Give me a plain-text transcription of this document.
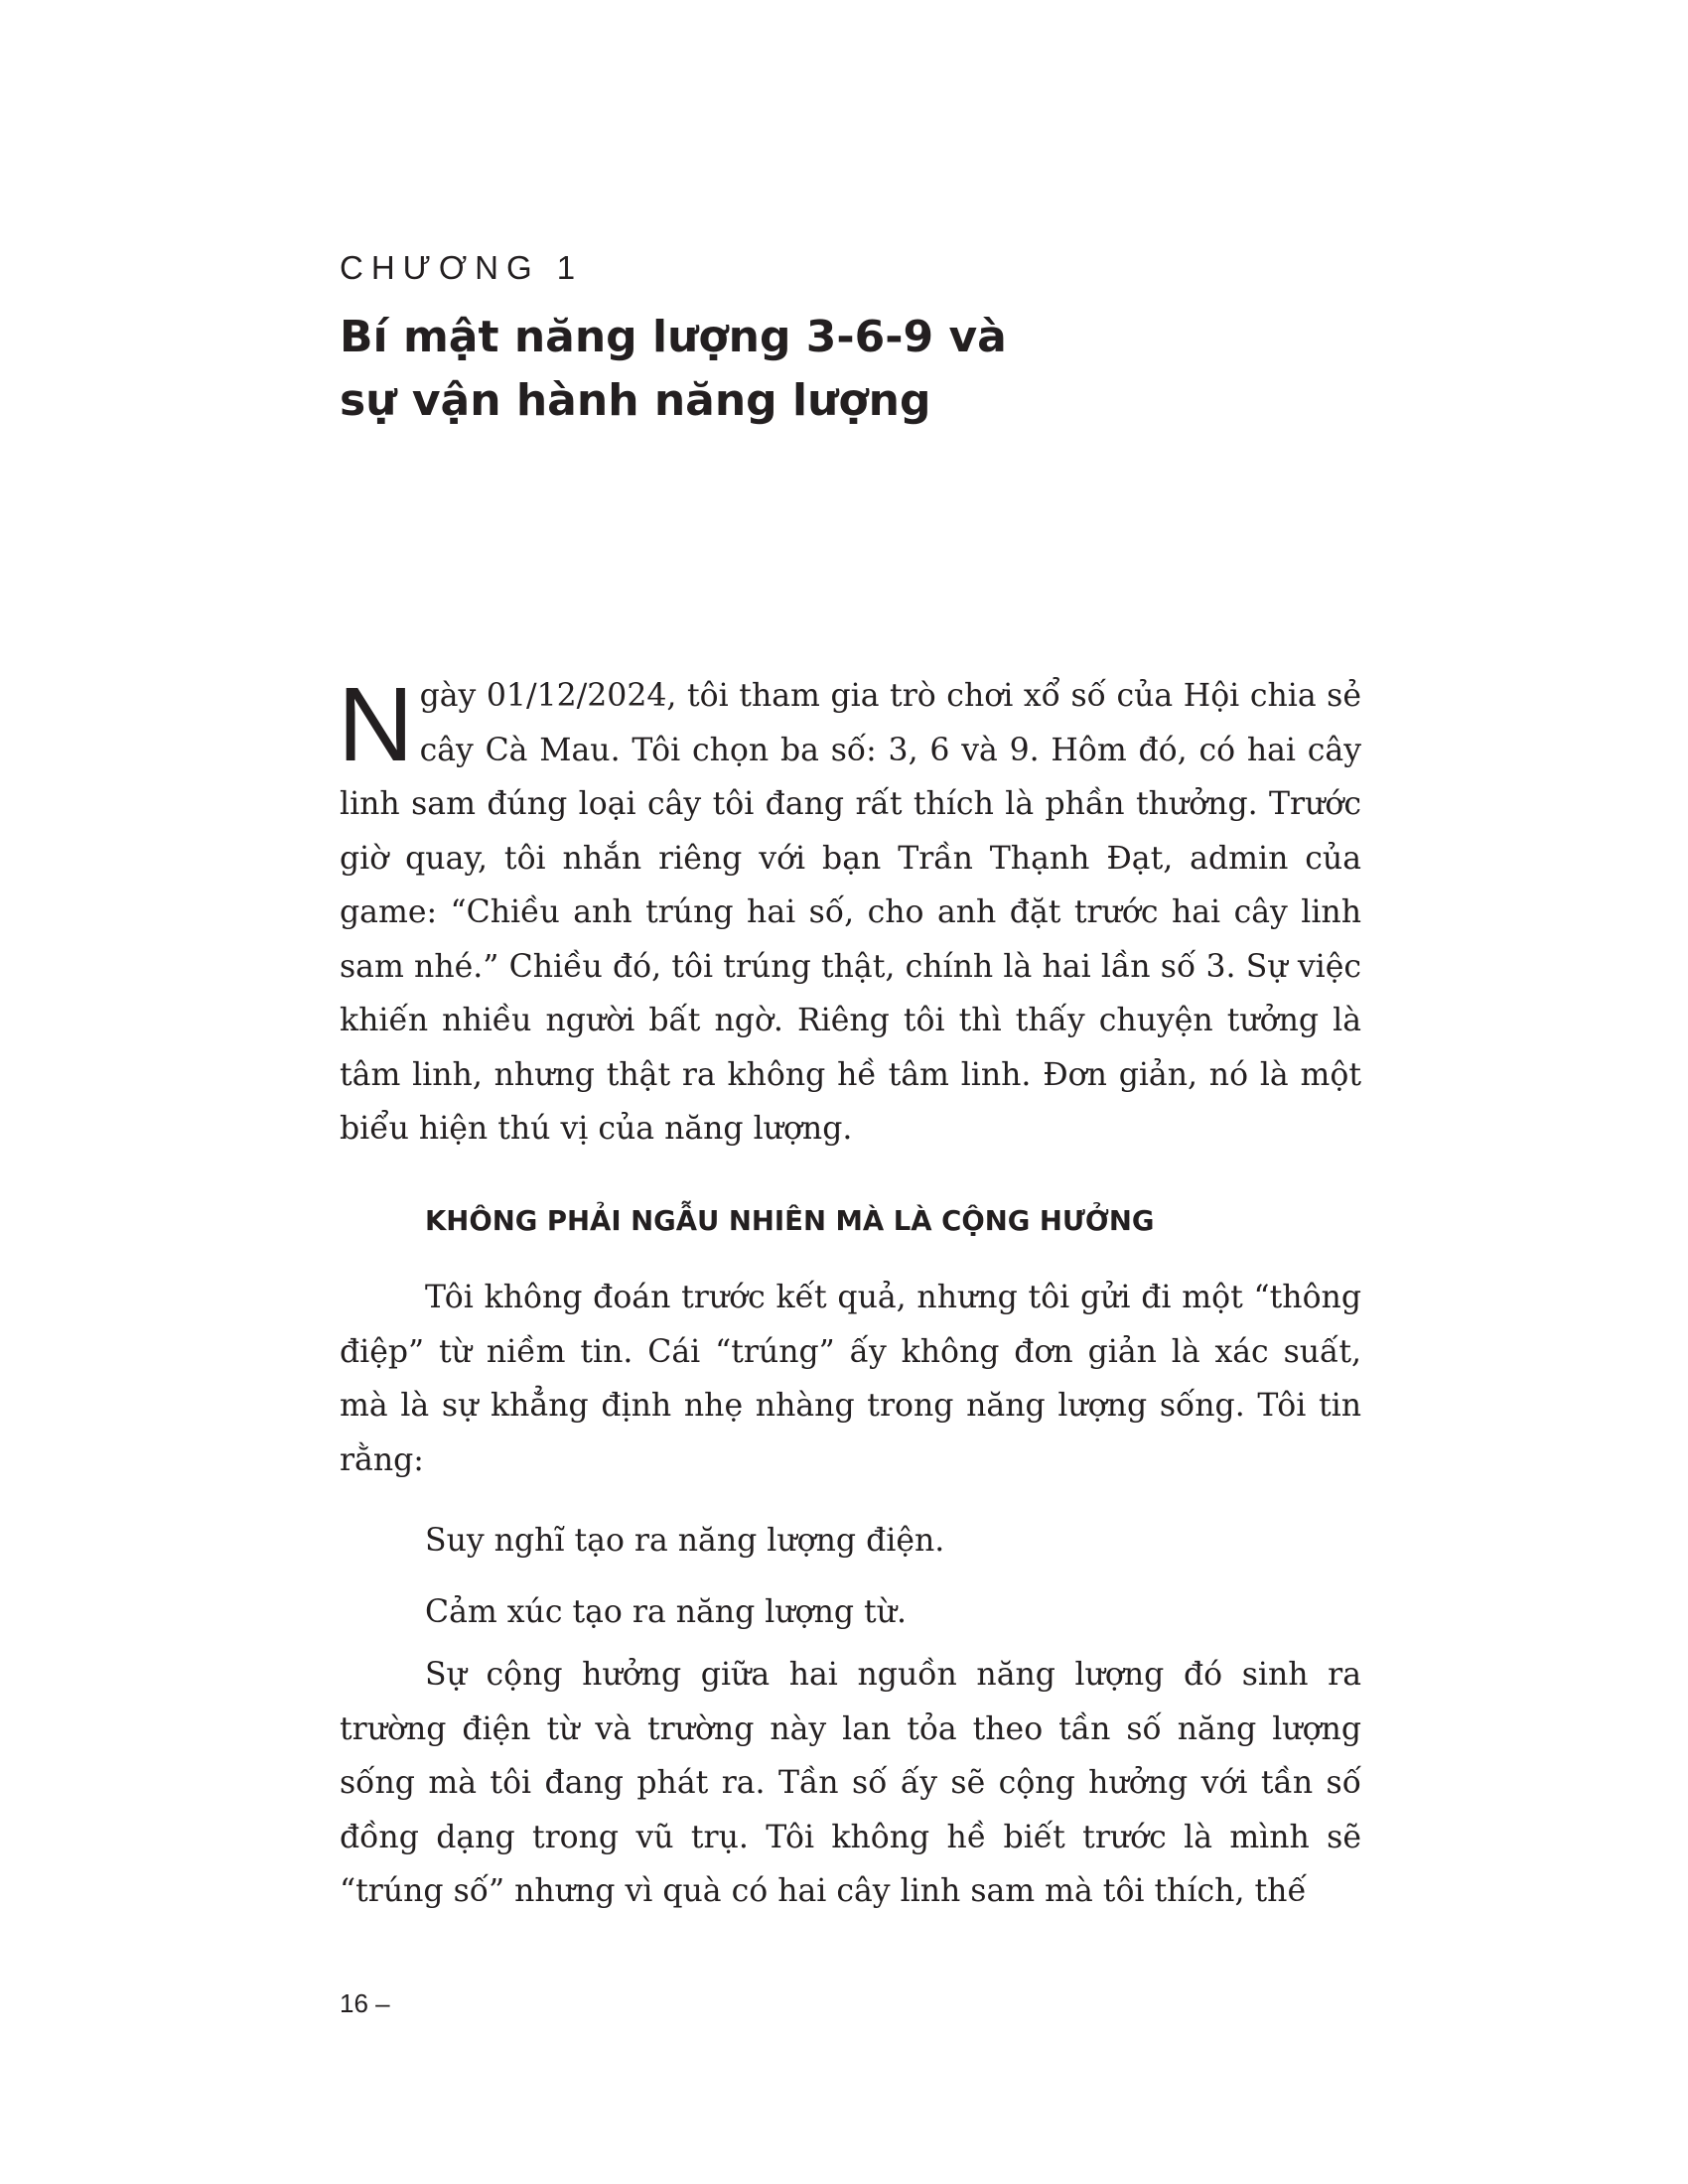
CHƯƠNG 1
Bí mật năng lượng 3-6-9 và
sự vận hành năng lượng

Ngày 01/12/2024, tôi tham gia trò chơi xổ số của Hội chia sẻ cây Cà Mau. Tôi chọn ba số: 3, 6 và 9. Hôm đó, có hai cây linh sam đúng loại cây tôi đang rất thích là phần thưởng. Trước giờ quay, tôi nhắn riêng với bạn Trần Thạnh Đạt, admin của game: “Chiều anh trúng hai số, cho anh đặt trước hai cây linh sam nhé.” Chiều đó, tôi trúng thật, chính là hai lần số 3. Sự việc khiến nhiều người bất ngờ. Riêng tôi thì thấy chuyện tưởng là tâm linh, nhưng thật ra không hề tâm linh. Đơn giản, nó là một biểu hiện thú vị của năng lượng.

KHÔNG PHẢI NGẪU NHIÊN MÀ LÀ CỘNG HƯỞNG

Tôi không đoán trước kết quả, nhưng tôi gửi đi một “thông điệp” từ niềm tin. Cái “trúng” ấy không đơn giản là xác suất, mà là sự khẳng định nhẹ nhàng trong năng lượng sống. Tôi tin rằng:

Suy nghĩ tạo ra năng lượng điện.

Cảm xúc tạo ra năng lượng từ.

Sự cộng hưởng giữa hai nguồn năng lượng đó sinh ra trường điện từ và trường này lan tỏa theo tần số năng lượng sống mà tôi đang phát ra. Tần số ấy sẽ cộng hưởng với tần số đồng dạng trong vũ trụ. Tôi không hề biết trước là mình sẽ “trúng số” nhưng vì quà có hai cây linh sam mà tôi thích, thế

16 –
